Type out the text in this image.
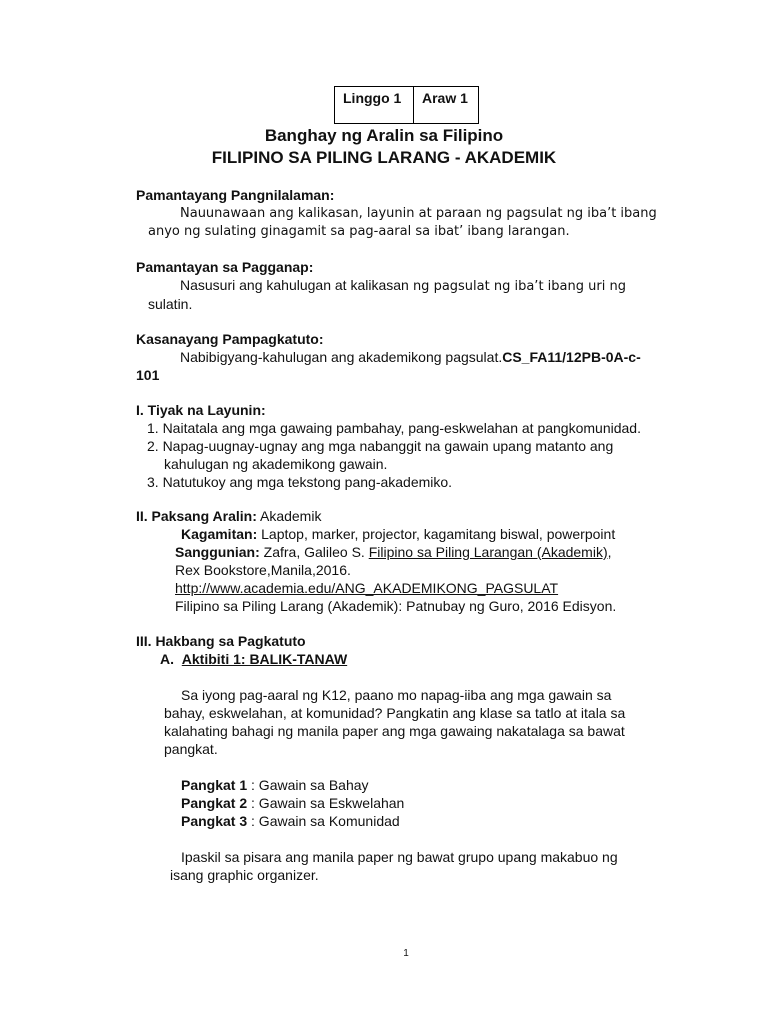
Linggo 1	Araw 1
Banghay ng Aralin sa Filipino
FILIPINO SA PILING LARANG - AKADEMIK
Pamantayang Pangnilalaman:
Nauunawaan ang kalikasan, layunin at paraan ng pagsulat ng iba’t ibang
anyo ng sulating ginagamit sa pag-aaral sa ibat’ ibang larangan.
Pamantayan sa Pagganap:
Nasusuri ang kahulugan at kalikasan ng pagsulat ng iba’t ibang uri ng
sulatin.
Kasanayang Pampagkatuto:
Nabibigyang-kahulugan ang akademikong pagsulat.CS_FA11/12PB-0A-c-
101
I. Tiyak na Layunin:
1. Naitatala ang mga gawaing pambahay, pang-eskwelahan at pangkomunidad.
2. Napag-uugnay-ugnay ang mga nabanggit na gawain upang matanto ang
kahulugan ng akademikong gawain.
3. Natutukoy ang mga tekstong pang-akademiko.
II. Paksang Aralin: Akademik
Kagamitan: Laptop, marker, projector, kagamitang biswal, powerpoint
Sanggunian: Zafra, Galileo S. Filipino sa Piling Larangan (Akademik),
Rex Bookstore,Manila,2016.
http://www.academia.edu/ANG_AKADEMIKONG_PAGSULAT
Filipino sa Piling Larang (Akademik): Patnubay ng Guro, 2016 Edisyon.
III. Hakbang sa Pagkatuto
A. Aktibiti 1: BALIK-TANAW
Sa iyong pag-aaral ng K12, paano mo napag-iiba ang mga gawain sa
bahay, eskwelahan, at komunidad? Pangkatin ang klase sa tatlo at itala sa
kalahating bahagi ng manila paper ang mga gawaing nakatalaga sa bawat
pangkat.
Pangkat 1 : Gawain sa Bahay
Pangkat 2 : Gawain sa Eskwelahan
Pangkat 3 : Gawain sa Komunidad
Ipaskil sa pisara ang manila paper ng bawat grupo upang makabuo ng
isang graphic organizer.
1
